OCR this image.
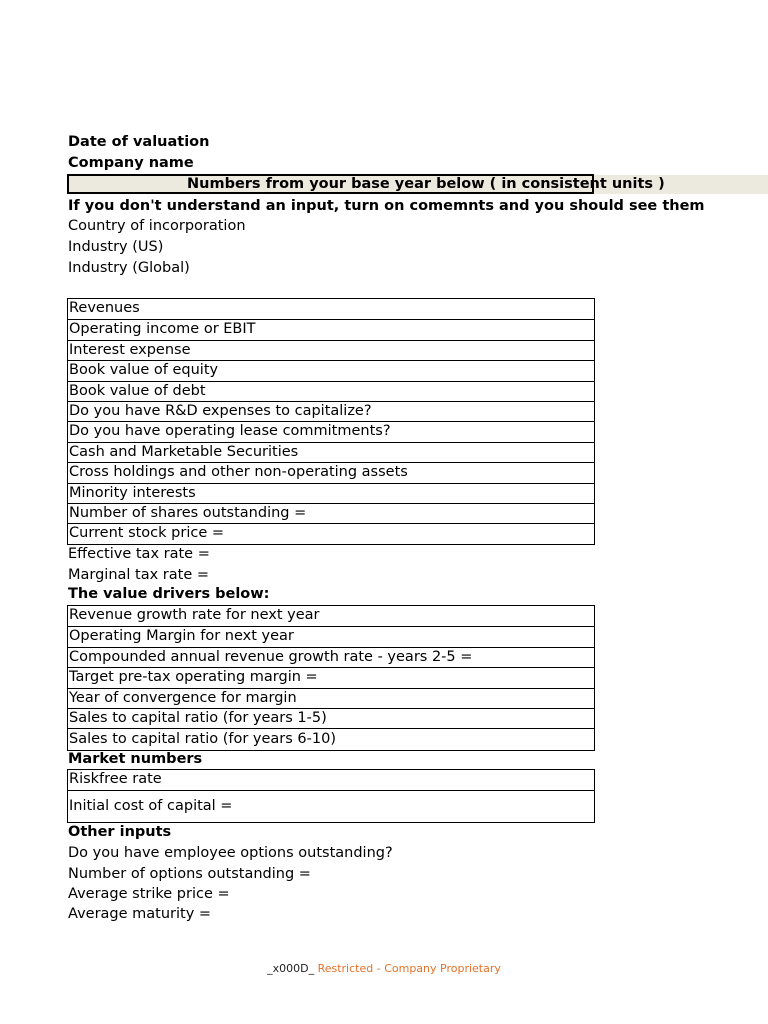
Date of valuation
Company name
Numbers from your base year below ( in consistent units )
If you don't understand an input, turn on comemnts and you should see them
Country of incorporation
Industry (US)
Industry (Global)
Revenues
Operating income or EBIT
Interest expense
Book value of equity
Book value of debt
Do you have R&D expenses to capitalize?
Do you have operating lease commitments?
Cash and Marketable Securities
Cross holdings and other non-operating assets
Minority interests
Number of shares outstanding =
Current stock price =
Effective tax rate =
Marginal tax rate =
The value drivers below:
Revenue growth rate for next year
Operating Margin for next year
Compounded annual revenue growth rate - years 2-5 =
Target pre-tax operating margin =
Year of convergence for margin
Sales to capital ratio (for years 1-5)
Sales to capital ratio (for years 6-10)
Market numbers
Riskfree rate
Initial cost of capital =
Other inputs
Do you have employee options outstanding?
Number of options outstanding =
Average strike price =
Average maturity =
_x000D_ Restricted - Company Proprietary
